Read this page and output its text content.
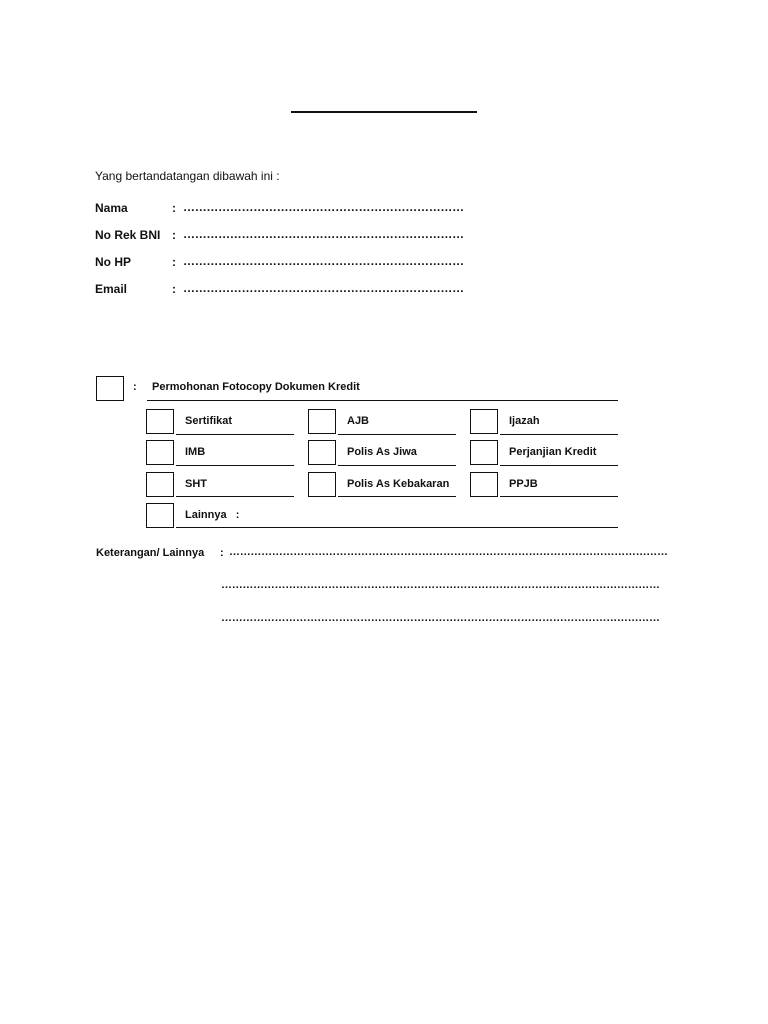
Yang bertandatangan dibawah ini :
Nama	: ………………………………………………………………
No Rek BNI : ………………………………………………………………
No HP	: ………………………………………………………………
Email	: ………………………………………………………………
: Permohonan Fotocopy Dokumen Kredit
Sertifikat	AJB	Ijazah
IMB	Polis As Jiwa	Perjanjian Kredit
SHT	Polis As Kebakaran	PPJB
Lainnya   :
Keterangan/ Lainnya : ……………………………………………………………………………………………………………
……………………………………………………………………………………………………………
……………………………………………………………………………………………………………
